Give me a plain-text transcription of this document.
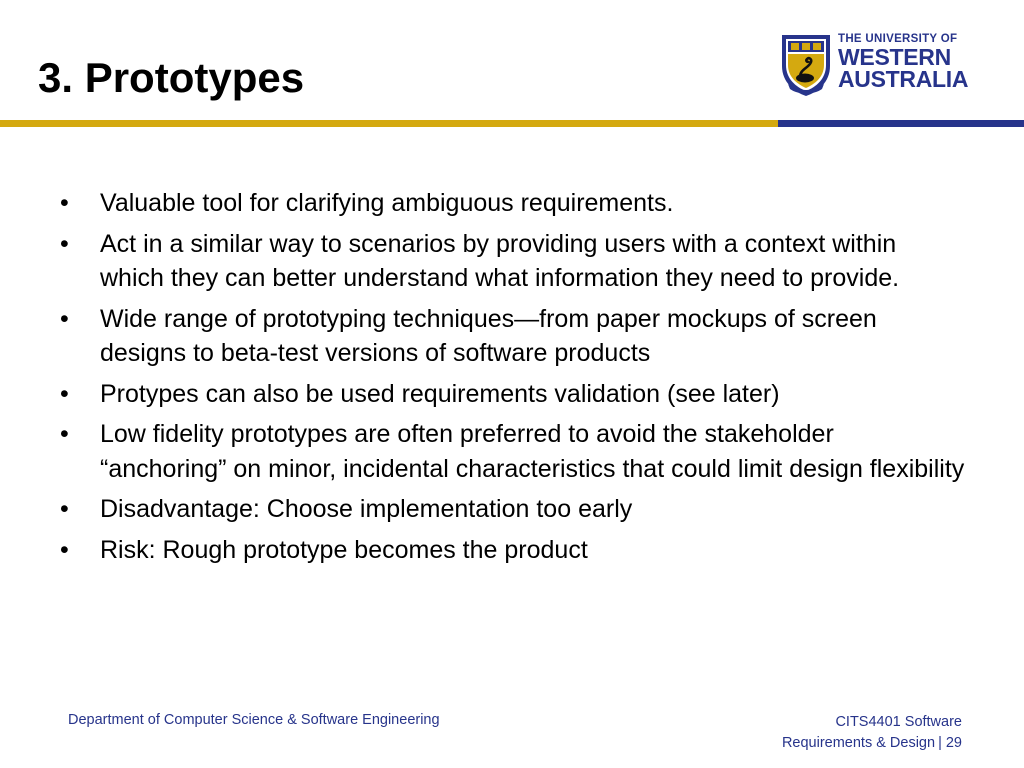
3. Prototypes
THE UNIVERSITY OF
WESTERN
AUSTRALIA
• Valuable tool for clarifying ambiguous requirements.
• Act in a similar way to scenarios by providing users with a context within which they can better understand what information they need to provide.
• Wide range of prototyping techniques—from paper mockups of screen designs to beta-test versions of software products
• Protypes can also be used requirements validation (see later)
• Low fidelity prototypes are often preferred to avoid the stakeholder “anchoring” on minor, incidental characteristics that could limit design flexibility
• Disadvantage: Choose implementation too early
• Risk: Rough prototype becomes the product
Department of Computer Science & Software Engineering	CITS4401 Software
Requirements & Design | 29
